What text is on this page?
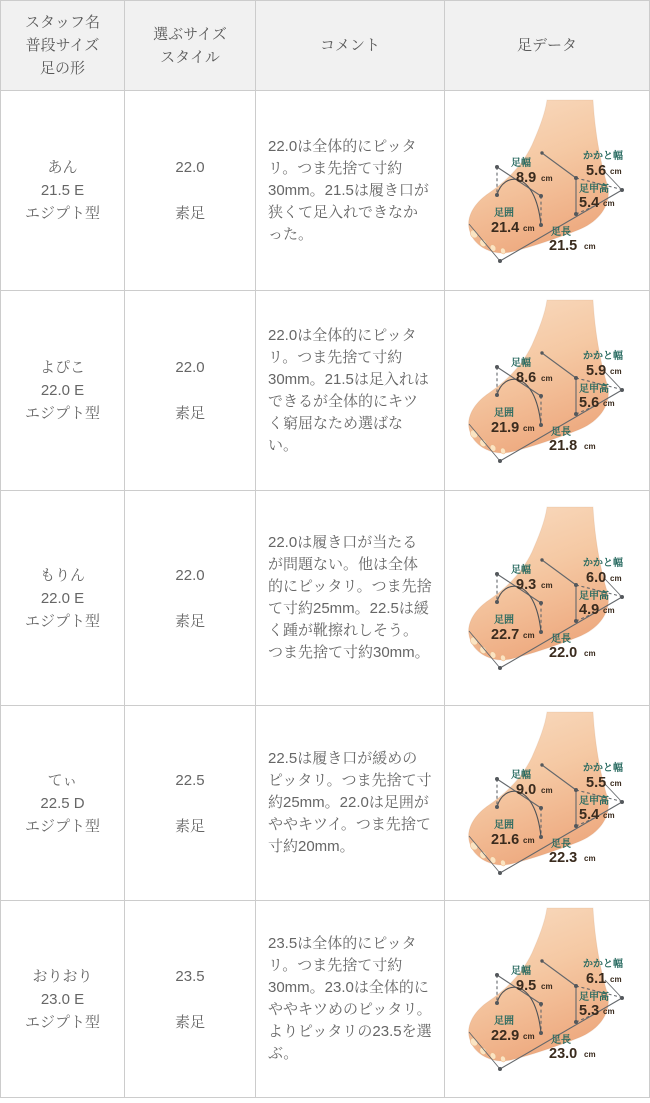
スタッフ名
普段サイズ
足の形
選ぶサイズ
スタイル
コメント	足データ
あん
21.5 E
エジプト型
22.0
素足
22.0は全体的にピッタリ。つま先捨て寸約30mm。21.5は履き口が狭くて足入れできなかった。
足幅
8.9 cm
かかと幅
5.6 cm
足甲高
5.4 cm
足囲
21.4 cm 足長
21.5 cm
よぴこ
22.0 E
エジプト型
22.0
素足
22.0は全体的にピッタリ。つま先捨て寸約30mm。21.5は足入れはできるが全体的にキツく窮屈なため選ばない。
足幅
8.6 cm
かかと幅
5.9 cm
足甲高
5.6 cm
足囲
21.9 cm 足長
21.8 cm
もりん
22.0 E
エジプト型
22.0
素足
22.0は履き口が当たるが問題ない。他は全体的にピッタリ。つま先捨て寸約25mm。22.5は緩く踵が靴擦れしそう。つま先捨て寸約30mm。
足幅
9.3 cm
かかと幅
6.0 cm
足甲高
4.9 cm
足囲
22.7 cm 足長
22.0 cm
てぃ
22.5 D
エジプト型
22.5
素足
22.5は履き口が緩めのピッタリ。つま先捨て寸約25mm。22.0は足囲がややキツイ。つま先捨て寸約20mm。
足幅
9.0 cm
かかと幅
5.5 cm
足甲高
5.4 cm
足囲
21.6 cm 足長
22.3 cm
おりおり
23.0 E
エジプト型
23.5
素足
23.5は全体的にピッタリ。つま先捨て寸約30mm。23.0は全体的にややキツめのピッタリ。よりピッタリの23.5を選ぶ。
足幅
9.5 cm
かかと幅
6.1 cm
足甲高
5.3 cm
足囲
22.9 cm 足長
23.0 cm
